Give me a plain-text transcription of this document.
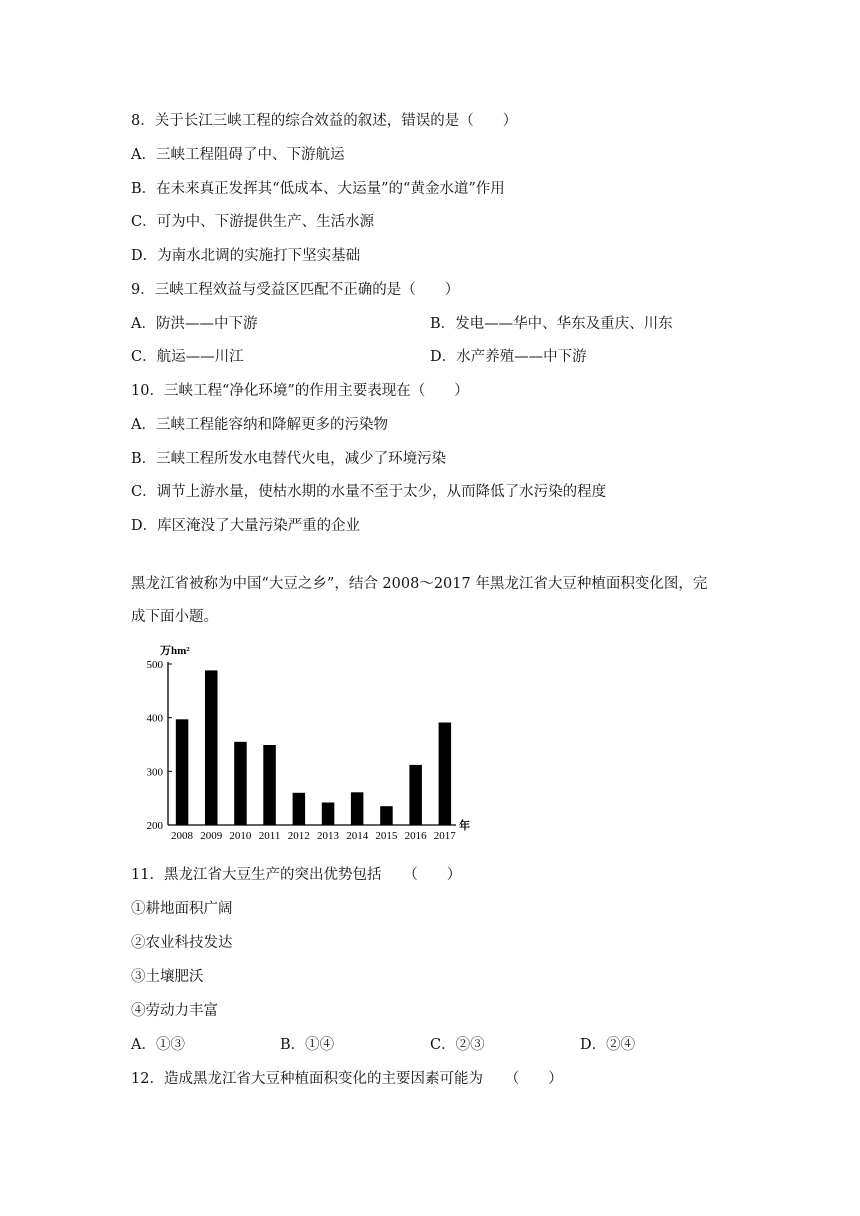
8．关于长江三峡工程的综合效益的叙述，错误的是（　　）
A．三峡工程阻碍了中、下游航运
B．在未来真正发挥其“低成本、大运量”的“黄金水道”作用
C．可为中、下游提供生产、生活水源
D．为南水北调的实施打下坚实基础
9．三峡工程效益与受益区匹配不正确的是（　　）
A．防洪——中下游	B．发电——华中、华东及重庆、川东
C．航运——川江	D．水产养殖——中下游
10．三峡工程“净化环境”的作用主要表现在（　　）
A．三峡工程能容纳和降解更多的污染物
B．三峡工程所发水电替代火电，减少了环境污染
C．调节上游水量，使枯水期的水量不至于太少，从而降低了水污染的程度
D．库区淹没了大量污染严重的企业
黑龙江省被称为中国“大豆之乡”，结合 2008～2017 年黑龙江省大豆种植面积变化图，完
成下面小题。
万hm²
年
2008 2009 2010 2011 2012 2013 2014 2015 2016 2017
200
300
400
500
11．黑龙江省大豆生产的突出优势包括　　（　　）
①耕地面积广阔
②农业科技发达
③土壤肥沃
④劳动力丰富
A．①③	B．①④	C．②③	D．②④
12．造成黑龙江省大豆种植面积变化的主要因素可能为　　（　　）
